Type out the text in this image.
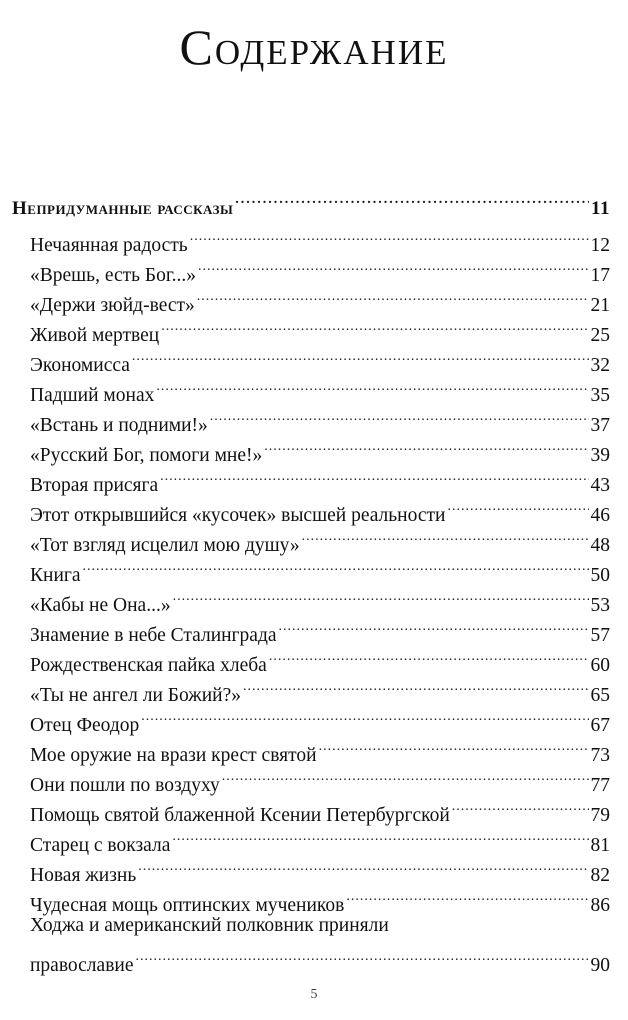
Содержание
Непридуманные рассказы .....	11
Нечаянная радость .....	12
«Врешь, есть Бог...» .....	17
«Держи зюйд-вест» .....	21
Живой мертвец .....	25
Экономисса .....	32
Падший монах .....	35
«Встань и подними!» .....	37
«Русский Бог, помоги мне!» .....	39
Вторая присяга .....	43
Этот открывшийся «кусочек» высшей реальности .....	46
«Тот взгляд исцелил мою душу» .....	48
Книга .....	50
«Кабы не Она...» .....	53
Знамение в небе Сталинграда .....	57
Рождественская пайка хлеба .....	60
«Ты не ангел ли Божий?» .....	65
Отец Феодор .....	67
Мое оружие на врази крест святой .....	73
Они пошли по воздуху .....	77
Помощь святой блаженной Ксении Петербургской .....	79
Старец с вокзала .....	81
Новая жизнь .....	82
Чудесная мощь оптинских мучеников .....	86
Ходжа и американский полковник приняли
православие .....	90
5
